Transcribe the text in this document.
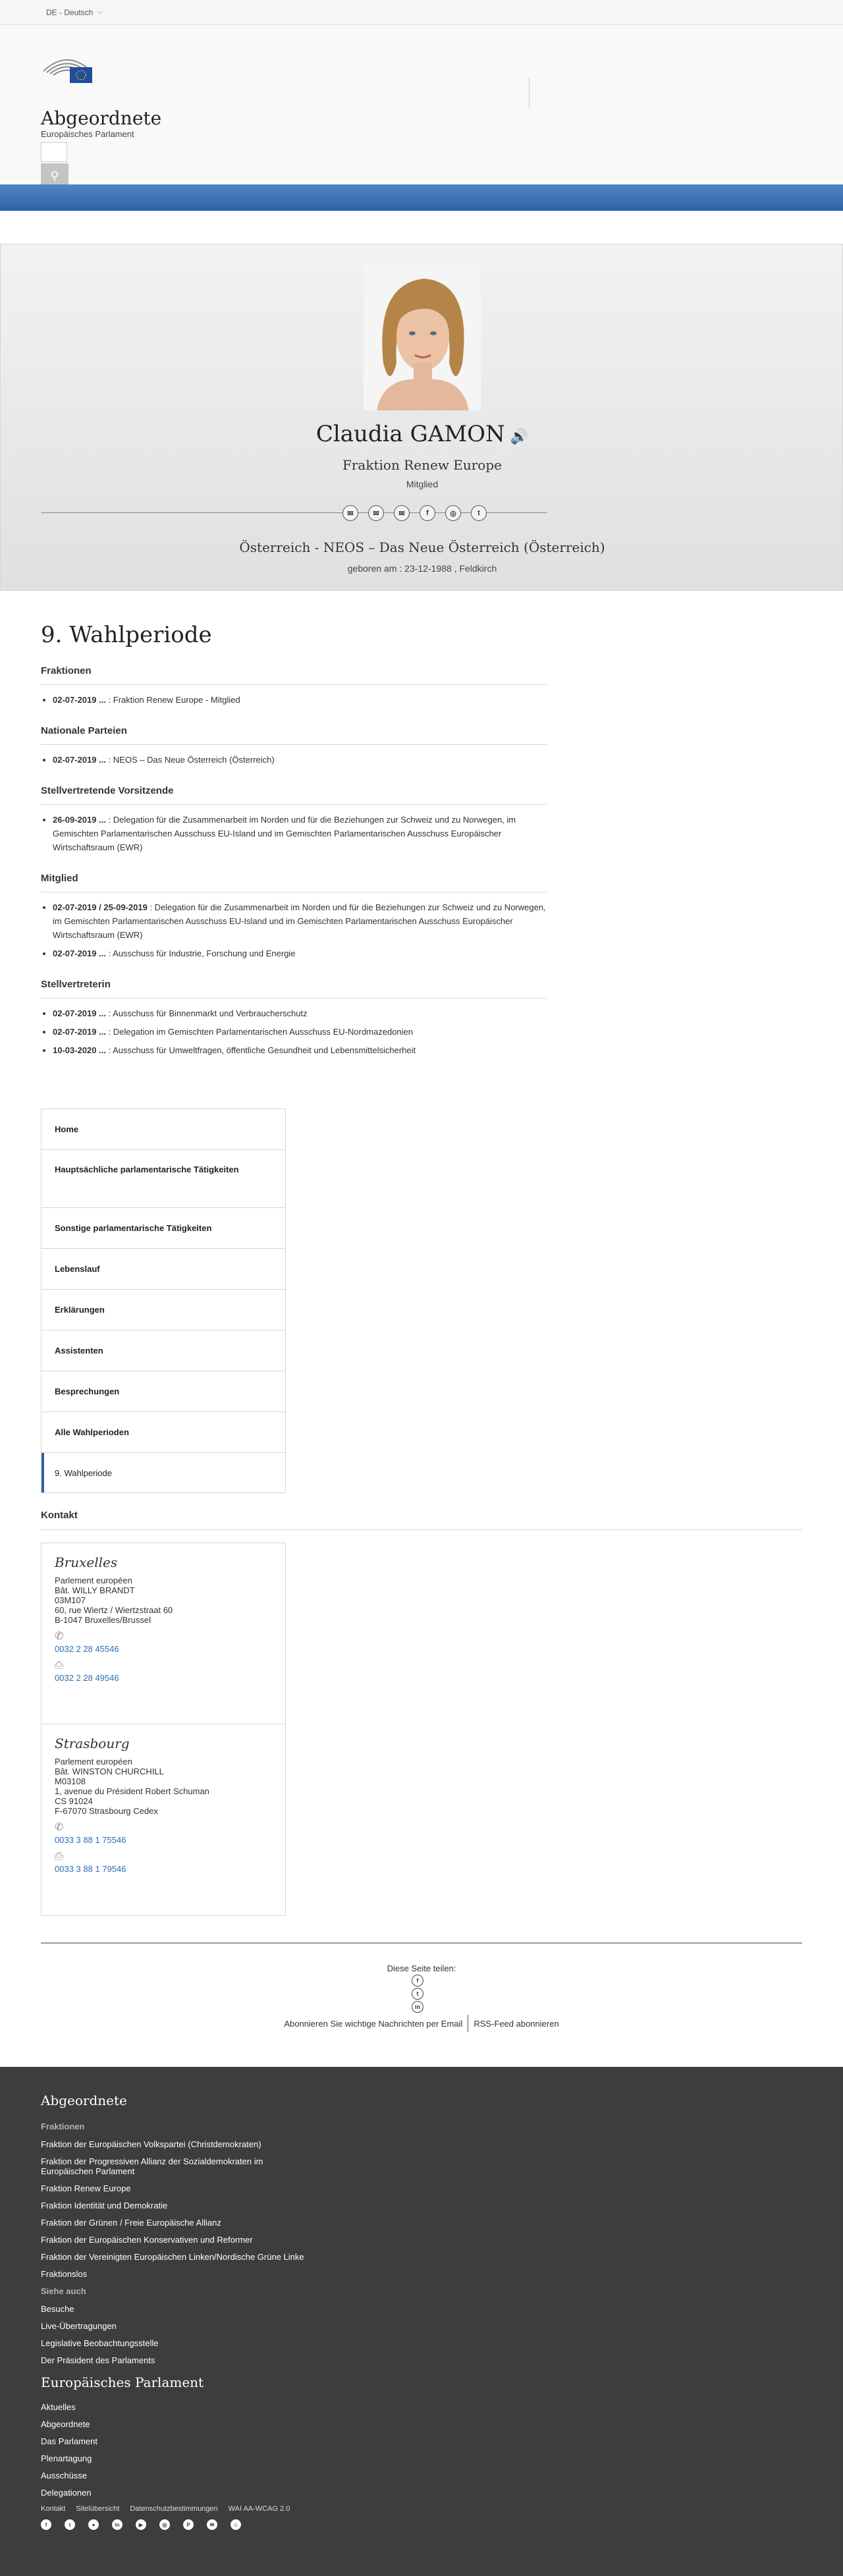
DE - Deutsch ⌵
Abgeordnete
Europäisches Parlament
⚲
Claudia GAMON 🔊
Fraktion Renew Europe
Mitglied
✉	✉	✉	f	◎	t
Österreich - NEOS – Das Neue Österreich (Österreich)
geboren am : 23-12-1988 , Feldkirch
9. Wahlperiode
Fraktionen
• 02-07-2019 ... : Fraktion Renew Europe - Mitglied
Nationale Parteien
• 02-07-2019 ... : NEOS – Das Neue Österreich (Österreich)
Stellvertretende Vorsitzende
• 26-09-2019 ... : Delegation für die Zusammenarbeit im Norden und für die Beziehungen zur Schweiz und zu Norwegen, im Gemischten Parlamentarischen Ausschuss EU-Island und im Gemischten Parlamentarischen Ausschuss Europäischer Wirtschaftsraum (EWR)
Mitglied
• 02-07-2019 / 25-09-2019 : Delegation für die Zusammenarbeit im Norden und für die Beziehungen zur Schweiz und zu Norwegen, im Gemischten Parlamentarischen Ausschuss EU-Island und im Gemischten Parlamentarischen Ausschuss Europäischer Wirtschaftsraum (EWR)
• 02-07-2019 ... : Ausschuss für Industrie, Forschung und Energie
Stellvertreterin
• 02-07-2019 ... : Ausschuss für Binnenmarkt und Verbraucherschutz
• 02-07-2019 ... : Delegation im Gemischten Parlamentarischen Ausschuss EU-Nordmazedonien
• 10-03-2020 ... : Ausschuss für Umweltfragen, öffentliche Gesundheit und Lebensmittelsicherheit
Home
Hauptsächliche parlamentarische Tätigkeiten
Sonstige parlamentarische Tätigkeiten
Lebenslauf
Erklärungen
Assistenten
Besprechungen
Alle Wahlperioden
9. Wahlperiode
Kontakt
Bruxelles
Parlement européen
Bât. WILLY BRANDT
03M107
60, rue Wiertz / Wiertzstraat 60
B-1047 Bruxelles/Brussel
✆
0032 2 28 45546
⎙
0032 2 28 49546
Strasbourg
Parlement européen
Bât. WINSTON CHURCHILL
M03108
1, avenue du Président Robert Schuman
CS 91024
F-67070 Strasbourg Cedex
✆
0033 3 88 1 75546
⎙
0033 3 88 1 79546
Diese Seite teilen:
f
t
in
Abonnieren Sie wichtige Nachrichten per Email	RSS-Feed abonnieren
Abgeordnete
Fraktionen
Fraktion der Europäischen Volkspartei (Christdemokraten)
Fraktion der Progressiven Allianz der Sozialdemokraten im Europäischen Parlament
Fraktion Renew Europe
Fraktion Identität und Demokratie
Fraktion der Grünen / Freie Europäische Allianz
Fraktion der Europäischen Konservativen und Reformer
Fraktion der Vereinigten Europäischen Linken/Nordische Grüne Linke
Fraktionslos
Siehe auch
Besuche
Live-Übertragungen
Legislative Beobachtungsstelle
Der Präsident des Parlaments
Europäisches Parlament
Aktuelles
Abgeordnete
Das Parlament
Plenartagung
Ausschüsse
Delegationen
Kontakt Sitelübersicht Datenschutzbestimmungen WAI AA-WCAG 2.0
f	t	●	in	▶	◎	P	✉	☺
